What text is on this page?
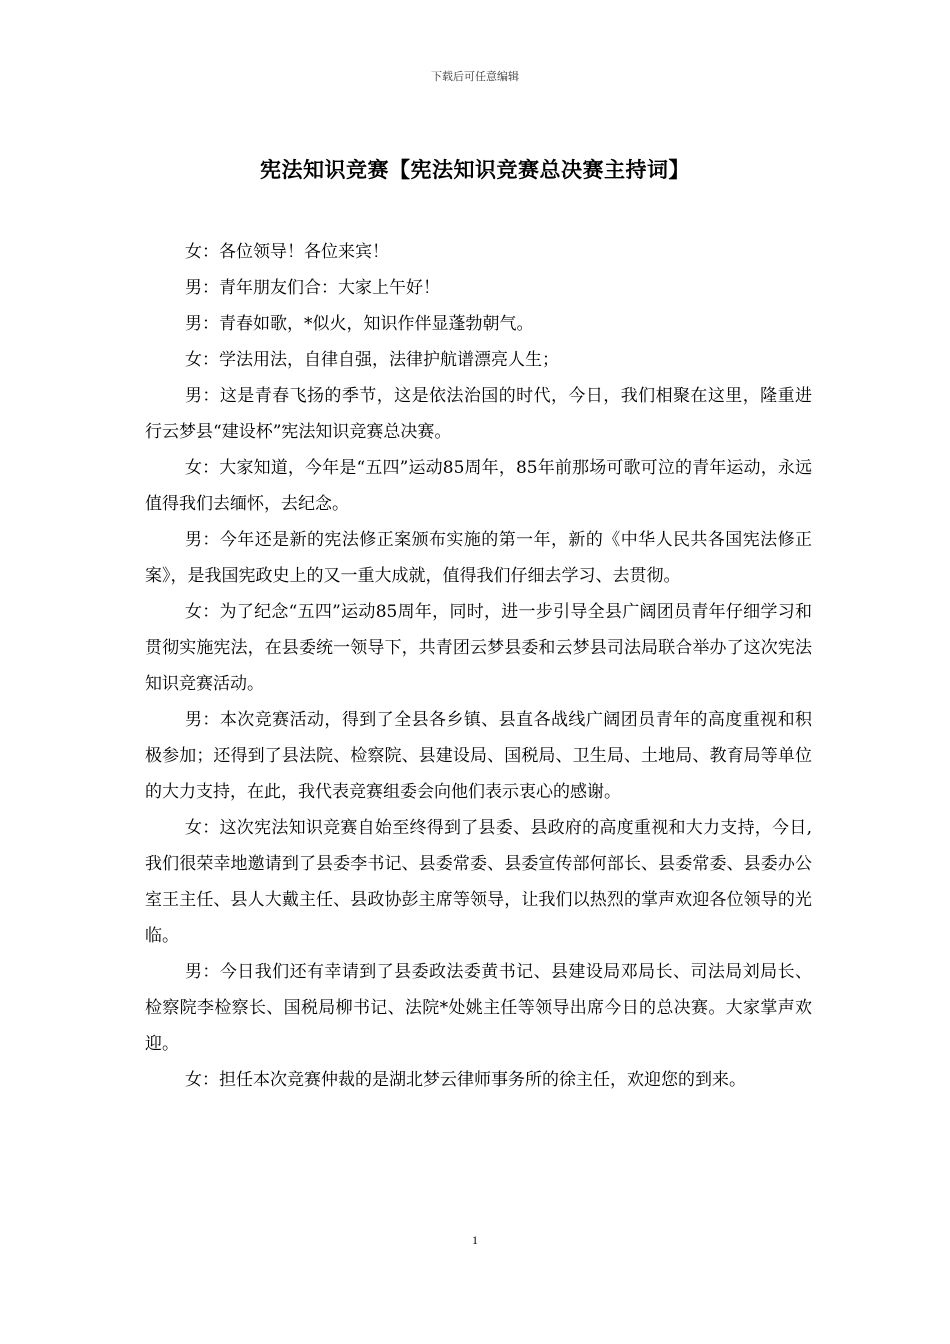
下载后可任意编辑
宪法知识竞赛【宪法知识竞赛总决赛主持词】

女：各位领导！各位来宾！

男：青年朋友们合：大家上午好！

男：青春如歌，*似火，知识作伴显蓬勃朝气。

女：学法用法，自律自强，法律护航谱漂亮人生；

男：这是青春飞扬的季节，这是依法治国的时代，今日，我们相聚在这里，隆重进行云梦县“建设杯”宪法知识竞赛总决赛。

女：大家知道，今年是“五四”运动85周年，85年前那场可歌可泣的青年运动，永远值得我们去缅怀，去纪念。

男：今年还是新的宪法修正案颁布实施的第一年，新的《中华人民共各国宪法修正案》，是我国宪政史上的又一重大成就，值得我们仔细去学习、去贯彻。

女：为了纪念“五四”运动85周年，同时，进一步引导全县广阔团员青年仔细学习和贯彻实施宪法，在县委统一领导下，共青团云梦县委和云梦县司法局联合举办了这次宪法知识竞赛活动。

男：本次竞赛活动，得到了全县各乡镇、县直各战线广阔团员青年的高度重视和积极参加；还得到了县法院、检察院、县建设局、国税局、卫生局、土地局、教育局等单位的大力支持，在此，我代表竞赛组委会向他们表示衷心的感谢。

女：这次宪法知识竞赛自始至终得到了县委、县政府的高度重视和大力支持，今日,我们很荣幸地邀请到了县委李书记、县委常委、县委宣传部何部长、县委常委、县委办公室王主任、县人大戴主任、县政协彭主席等领导，让我们以热烈的掌声欢迎各位领导的光临。

男：今日我们还有幸请到了县委政法委黄书记、县建设局邓局长、司法局刘局长、检察院李检察长、国税局柳书记、法院*处姚主任等领导出席今日的总决赛。大家掌声欢迎。

女：担任本次竞赛仲裁的是湖北梦云律师事务所的徐主任，欢迎您的到来。

1
